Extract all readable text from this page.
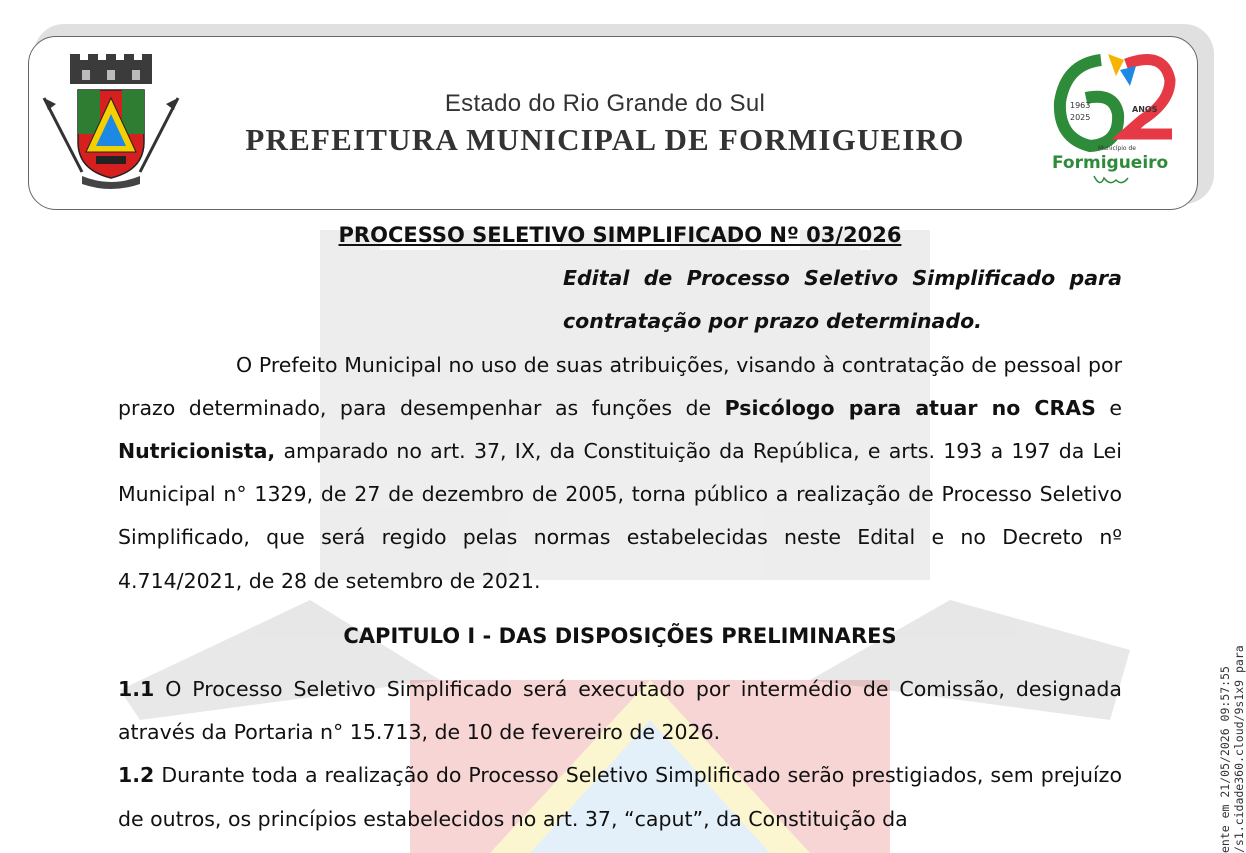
1963
2025
ANOS
Município de
Formigueiro
Estado do Rio Grande do Sul
PREFEITURA MUNICIPAL DE FORMIGUEIRO
PROCESSO SELETIVO SIMPLIFICADO Nº 03/2026
Edital de Processo Seletivo Simplificado para
contratação por prazo determinado.

O Prefeito Municipal no uso de suas atribuições, visando à contratação de pessoal por prazo determinado, para desempenhar as funções de Psicólogo para atuar no CRAS e Nutricionista, amparado no art. 37, IX, da Constituição da República, e arts. 193 a 197 da Lei Municipal n° 1329, de 27 de dezembro de 2005, torna público a realização de Processo Seletivo Simplificado, que será regido pelas normas estabelecidas neste Edital e no Decreto nº 4.714/2021, de 28 de setembro de 2021.

CAPITULO I - DAS DISPOSIÇÕES PRELIMINARES

1.1 O Processo Seletivo Simplificado será executado por intermédio de Comissão, designada através da Portaria n° 15.713, de 10 de fevereiro de 2026.

1.2 Durante toda a realização do Processo Seletivo Simplificado serão prestigiados, sem prejuízo de outros, os princípios estabelecidos no art. 37, “caput”, da Constituição da	ente em 21/05/2026 09:57:55 /s1.cidade360.cloud/9s1x9 para
